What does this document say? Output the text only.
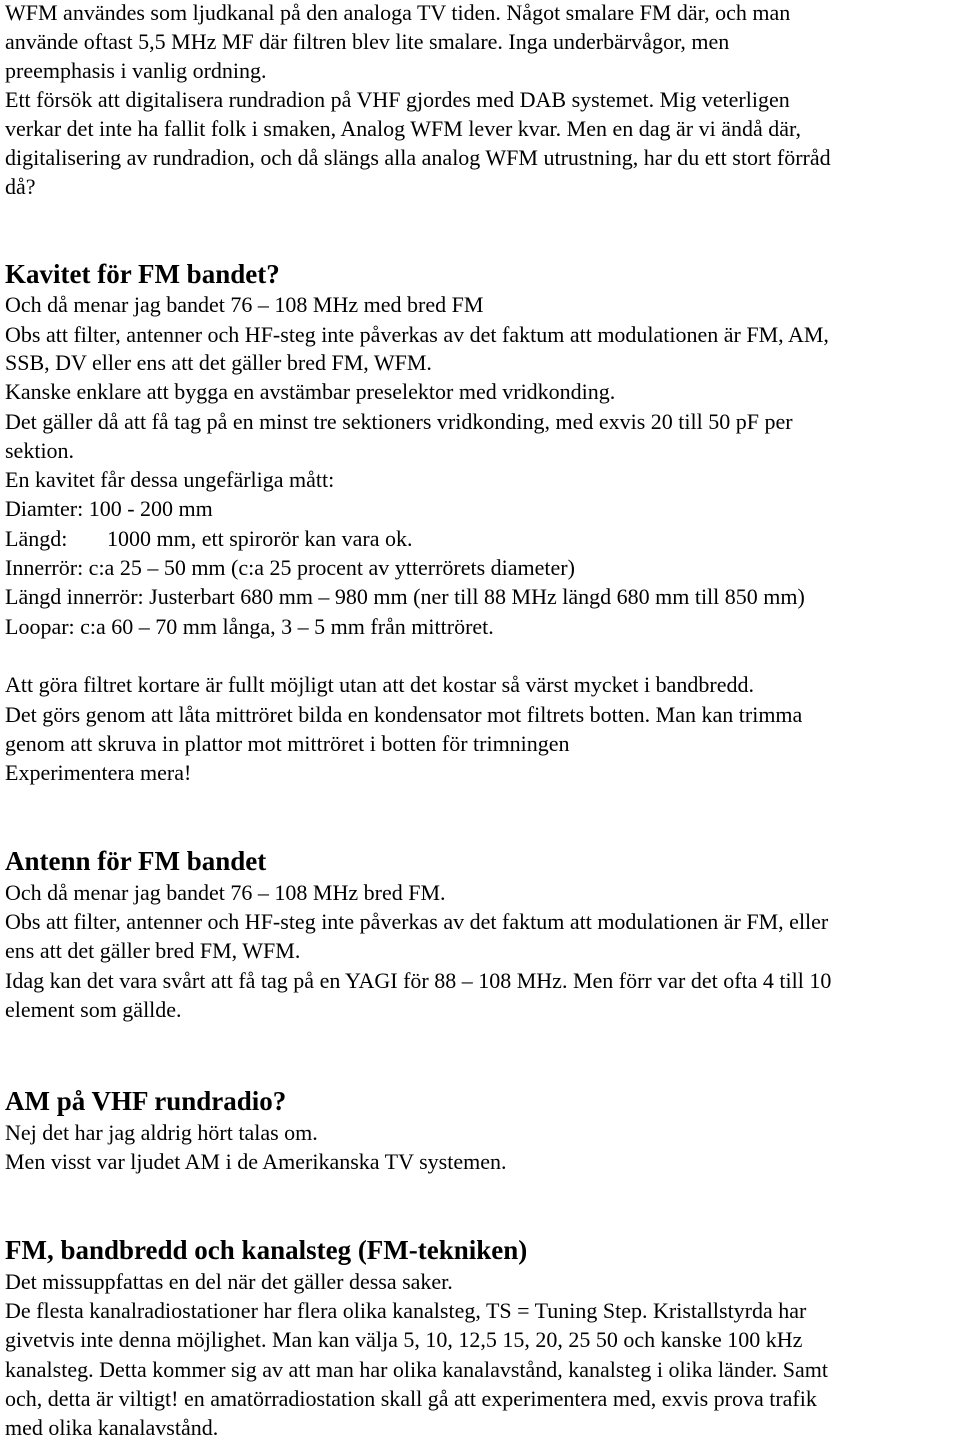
WFM användes som ljudkanal på den analoga TV tiden. Något smalare FM där, och man
använde oftast 5,5 MHz MF där filtren blev lite smalare. Inga underbärvågor, men
preemphasis i vanlig ordning.
Ett försök att digitalisera rundradion på VHF gjordes med DAB systemet. Mig veterligen
verkar det inte ha fallit folk i smaken, Analog WFM lever kvar. Men en dag är vi ändå där,
digitalisering av rundradion, och då slängs alla analog WFM utrustning, har du ett stort förråd
då?
Kavitet för FM bandet?
Och då menar jag bandet 76 – 108 MHz med bred FM
Obs att filter, antenner och HF-steg inte påverkas av det faktum att modulationen är FM, AM,
SSB, DV eller ens att det gäller bred FM, WFM.
Kanske enklare att bygga en avstämbar preselektor med vridkonding.
Det gäller då att få tag på en minst tre sektioners vridkonding, med exvis 20 till 50 pF per
sektion.
En kavitet får dessa ungefärliga mått:
Diamter: 100 - 200 mm
Längd: 1000 mm, ett spirorör kan vara ok.
Innerrör: c:a 25 – 50 mm (c:a 25 procent av ytterrörets diameter)
Längd innerrör: Justerbart 680 mm – 980 mm (ner till 88 MHz längd 680 mm till 850 mm)
Loopar: c:a 60 – 70 mm långa, 3 – 5 mm från mittröret.
Att göra filtret kortare är fullt möjligt utan att det kostar så värst mycket i bandbredd.
Det görs genom att låta mittröret bilda en kondensator mot filtrets botten. Man kan trimma
genom att skruva in plattor mot mittröret i botten för trimningen
Experimentera mera!
Antenn för FM bandet
Och då menar jag bandet 76 – 108 MHz bred FM.
Obs att filter, antenner och HF-steg inte påverkas av det faktum att modulationen är FM, eller
ens att det gäller bred FM, WFM.
Idag kan det vara svårt att få tag på en YAGI för 88 – 108 MHz. Men förr var det ofta 4 till 10
element som gällde.
AM på VHF rundradio?
Nej det har jag aldrig hört talas om.
Men visst var ljudet AM i de Amerikanska TV systemen.
FM, bandbredd och kanalsteg (FM-tekniken)
Det missuppfattas en del när det gäller dessa saker.
De flesta kanalradiostationer har flera olika kanalsteg, TS = Tuning Step. Kristallstyrda har
givetvis inte denna möjlighet. Man kan välja 5, 10, 12,5 15, 20, 25 50 och kanske 100 kHz
kanalsteg. Detta kommer sig av att man har olika kanalavstånd, kanalsteg i olika länder. Samt
och, detta är viltigt! en amatörradiostation skall gå att experimentera med, exvis prova trafik
med olika kanalavstånd.
